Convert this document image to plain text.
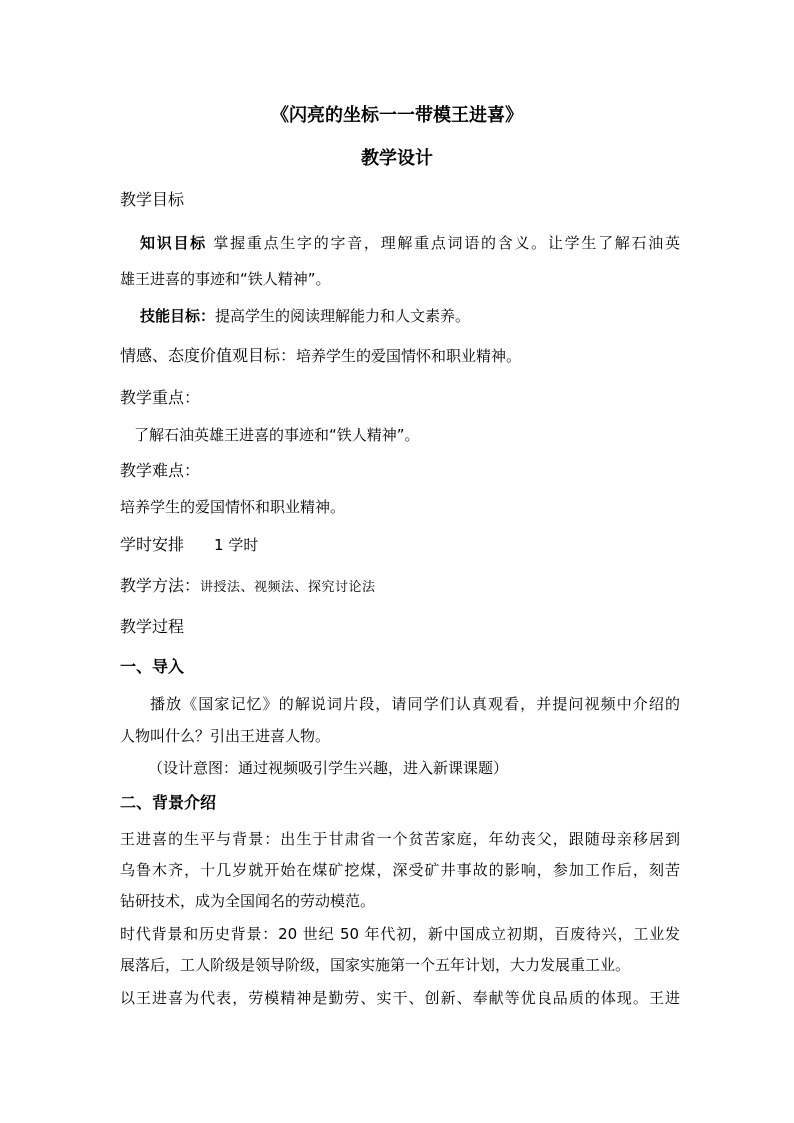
《闪亮的坐标一一带模王进喜》
教学设计
教学目标
知识目标 掌握重点生字的字音，理解重点词语的含义。让学生了解石油英
雄王进喜的事迹和“铁人精神”。
技能目标：提高学生的阅读理解能力和人文素养。
情感、态度价值观目标：培养学生的爱国情怀和职业精神。
教学重点：
了解石油英雄王进喜的事迹和“铁人精神”。
教学难点：
培养学生的爱国情怀和职业精神。
学时安排 1 学时
教学方法：讲授法、视频法、探究讨论法
教学过程
一、导入
播放《国家记忆》的解说词片段，请同学们认真观看，并提问视频中介绍的
人物叫什么？引出王进喜人物。
（设计意图：通过视频吸引学生兴趣，进入新课课题）
二、背景介绍
王进喜的生平与背景：出生于甘肃省一个贫苦家庭，年幼丧父，跟随母亲移居到
乌鲁木齐，十几岁就开始在煤矿挖煤，深受矿井事故的影响，参加工作后，刻苦
钻研技术，成为全国闻名的劳动模范。
时代背景和历史背景：20 世纪 50 年代初，新中国成立初期，百废待兴，工业发
展落后，工人阶级是领导阶级，国家实施第一个五年计划，大力发展重工业。
以王进喜为代表，劳模精神是勤劳、实干、创新、奉献等优良品质的体现。王进
